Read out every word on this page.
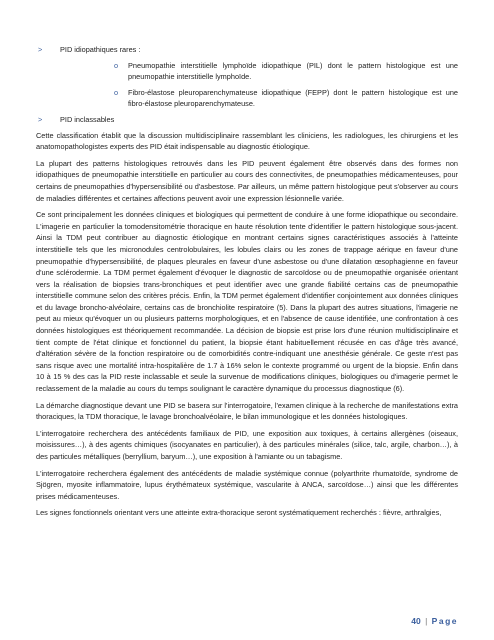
> PID idiopathiques rares :
o Pneumopathie interstitielle lymphoïde idiopathique (PIL) dont le pattern histologique est une pneumopathie interstitielle lymphoïde.
o Fibro-élastose pleuroparenchymateuse idiopathique (FEPP) dont le pattern histologique est une fibro-élastose pleuroparenchymateuse.
> PID inclassables

Cette classification établit que la discussion multidisciplinaire rassemblant les cliniciens, les radiologues, les chirurgiens et les anatomopathologistes experts des PID était indispensable au diagnostic étiologique.

La plupart des patterns histologiques retrouvés dans les PID peuvent également être observés dans des formes non idiopathiques de pneumopathie interstitielle en particulier au cours des connectivites, de pneumopathies médicamenteuses, pour certains de pneumopathies d'hypersensibilité ou d'asbestose. Par ailleurs, un même pattern histologique peut s'observer au cours de maladies différentes et certaines affections peuvent avoir une expression lésionnelle variée.

Ce sont principalement les données cliniques et biologiques qui permettent de conduire à une forme idiopathique ou secondaire. L'imagerie en particulier la tomodensitométrie thoracique en haute résolution tente d'identifier le pattern histologique sous-jacent. Ainsi la TDM peut contribuer au diagnostic étiologique en montrant certains signes caractéristiques associés à l'atteinte interstitielle tels que les micronodules centrolobulaires, les lobules clairs ou les zones de trappage aérique en faveur d'une pneumopathie d'hypersensibilité, de plaques pleurales en faveur d'une asbestose ou d'une dilatation œsophagienne en faveur d'une sclérodermie. La TDM permet également d'évoquer le diagnostic de sarcoïdose ou de pneumopathie organisée orientant vers la réalisation de biopsies trans-bronchiques et peut identifier avec une grande fiabilité certains cas de pneumopathie interstitielle commune selon des critères précis. Enfin, la TDM permet également d'identifier conjointement aux données cliniques et du lavage broncho-alvéolaire, certains cas de bronchiolite respiratoire (5). Dans la plupart des autres situations, l'imagerie ne peut au mieux qu'évoquer un ou plusieurs patterns morphologiques, et en l'absence de cause identifiée, une confrontation à ces données histologiques est théoriquement recommandée. La décision de biopsie est prise lors d'une réunion multidisciplinaire et tient compte de l'état clinique et fonctionnel du patient, la biopsie étant habituellement récusée en cas d'âge très avancé, d'altération sévère de la fonction respiratoire ou de comorbidités contre-indiquant une anesthésie générale. Ce geste n'est pas sans risque avec une mortalité intra-hospitalière de 1.7 à 16% selon le contexte programmé ou urgent de la biopsie. Enfin dans 10 à 15 % des cas la PID reste inclassable et seule la survenue de modifications cliniques, biologiques ou d'imagerie permet le reclassement de la maladie au cours du temps soulignant le caractère dynamique du processus diagnostique (6).

La démarche diagnostique devant une PID se basera sur l'interrogatoire, l'examen clinique à la recherche de manifestations extra thoraciques, la TDM thoracique, le lavage bronchoalvéolaire, le bilan immunologique et les données histologiques.

L'interrogatoire recherchera des antécédents familiaux de PID, une exposition aux toxiques, à certains allergènes (oiseaux, moisissures…), à des agents chimiques (isocyanates en particulier), à des particules minérales (silice, talc, argile, charbon…), à des particules métalliques (berryllium, baryum…), une exposition à l'amiante ou un tabagisme.

L'interrogatoire recherchera également des antécédents de maladie systémique connue (polyarthrite rhumatoïde, syndrome de Sjögren, myosite inflammatoire, lupus érythémateux systémique, vascularite à ANCA, sarcoïdose…) ainsi que les différentes prises médicamenteuses.

Les signes fonctionnels orientant vers une atteinte extra-thoracique seront systématiquement recherchés : fièvre, arthralgies,

40 | Page
